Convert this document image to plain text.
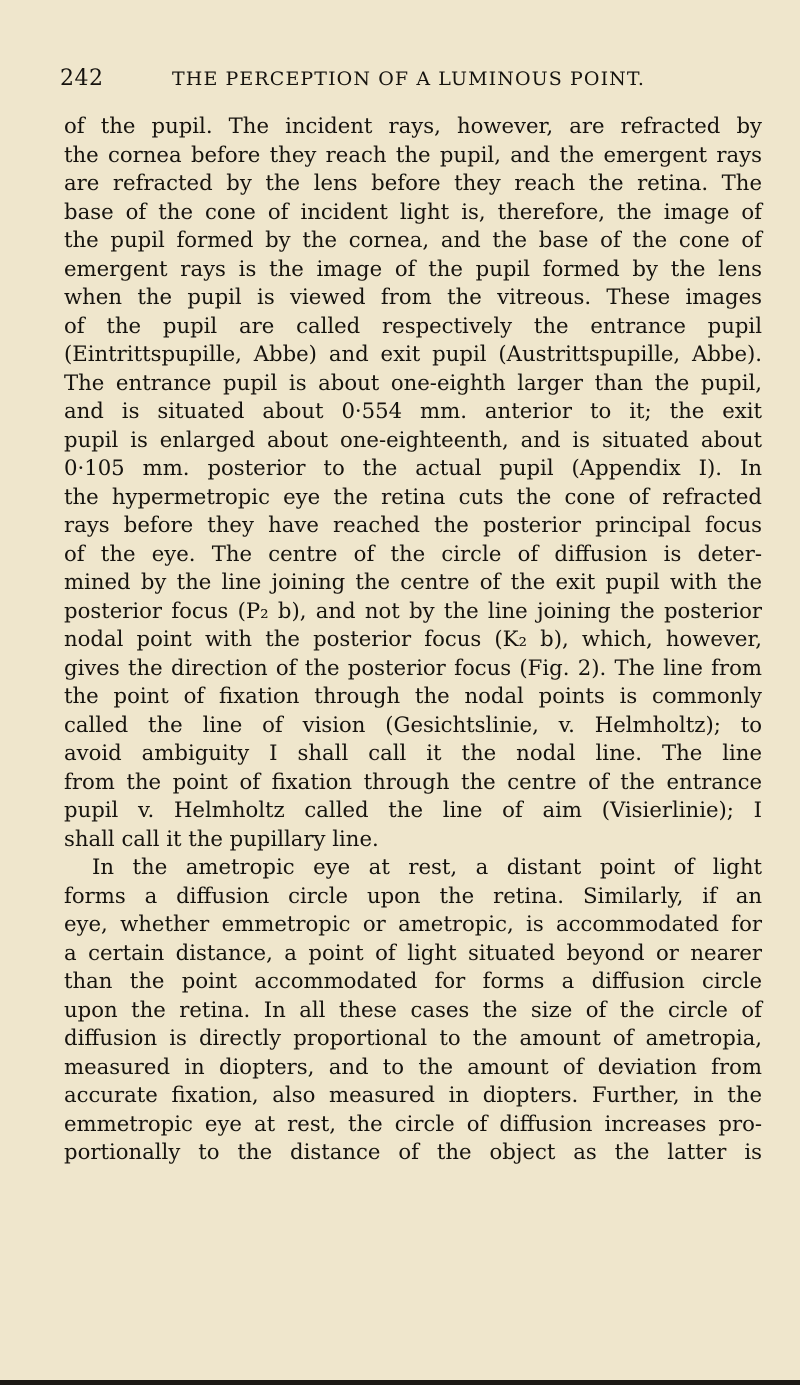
242	THE PERCEPTION OF A LUMINOUS POINT.
of the pupil. The incident rays, however, are refracted by
the cornea before they reach the pupil, and the emergent rays
are refracted by the lens before they reach the retina. The
base of the cone of incident light is, therefore, the image of
the pupil formed by the cornea, and the base of the cone of
emergent rays is the image of the pupil formed by the lens
when the pupil is viewed from the vitreous. These images
of the pupil are called respectively the entrance pupil
(Eintrittspupille, Abbe) and exit pupil (Austrittspupille, Abbe).
The entrance pupil is about one-eighth larger than the pupil,
and is situated about 0·554 mm. anterior to it; the exit
pupil is enlarged about one-eighteenth, and is situated about
0·105 mm. posterior to the actual pupil (Appendix I). In
the hypermetropic eye the retina cuts the cone of refracted
rays before they have reached the posterior principal focus
of the eye. The centre of the circle of diffusion is deter-
mined by the line joining the centre of the exit pupil with the
posterior focus (P₂ b), and not by the line joining the posterior
nodal point with the posterior focus (K₂ b), which, however,
gives the direction of the posterior focus (Fig. 2). The line from
the point of fixation through the nodal points is commonly
called the line of vision (Gesichtslinie, v. Helmholtz); to
avoid ambiguity I shall call it the nodal line. The line
from the point of fixation through the centre of the entrance
pupil v. Helmholtz called the line of aim (Visierlinie); I
shall call it the pupillary line.
In the ametropic eye at rest, a distant point of light
forms a diffusion circle upon the retina. Similarly, if an
eye, whether emmetropic or ametropic, is accommodated for
a certain distance, a point of light situated beyond or nearer
than the point accommodated for forms a diffusion circle
upon the retina. In all these cases the size of the circle of
diffusion is directly proportional to the amount of ametropia,
measured in diopters, and to the amount of deviation from
accurate fixation, also measured in diopters. Further, in the
emmetropic eye at rest, the circle of diffusion increases pro-
portionally to the distance of the object as the latter is
